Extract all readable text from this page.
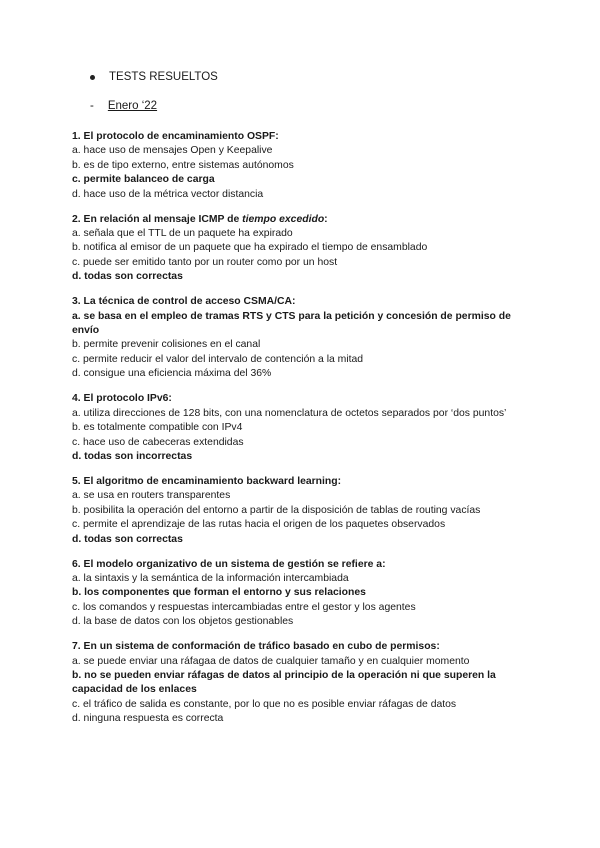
TESTS RESUELTOS
- Enero ‘22
1. El protocolo de encaminamiento OSPF:
a. hace uso de mensajes Open y Keepalive
b. es de tipo externo, entre sistemas autónomos
c. permite balanceo de carga
d. hace uso de la métrica vector distancia
2. En relación al mensaje ICMP de tiempo excedido:
a. señala que el TTL de un paquete ha expirado
b. notifica al emisor de un paquete que ha expirado el tiempo de ensamblado
c. puede ser emitido tanto por un router como por un host
d. todas son correctas
3. La técnica de control de acceso CSMA/CA:
a. se basa en el empleo de tramas RTS y CTS para la petición y concesión de permiso de envío
b. permite prevenir colisiones en el canal
c. permite reducir el valor del intervalo de contención a la mitad
d. consigue una eficiencia máxima del 36%
4. El protocolo IPv6:
a. utiliza direcciones de 128 bits, con una nomenclatura de octetos separados por ‘dos puntos’
b. es totalmente compatible con IPv4
c. hace uso de cabeceras extendidas
d. todas son incorrectas
5. El algoritmo de encaminamiento backward learning:
a. se usa en routers transparentes
b. posibilita la operación del entorno a partir de la disposición de tablas de routing vacías
c. permite el aprendizaje de las rutas hacia el origen de los paquetes observados
d. todas son correctas
6. El modelo organizativo de un sistema de gestión se refiere a:
a. la sintaxis y la semántica de la información intercambiada
b. los componentes que forman el entorno y sus relaciones
c. los comandos y respuestas intercambiadas entre el gestor y los agentes
d. la base de datos con los objetos gestionables
7. En un sistema de conformación de tráfico basado en cubo de permisos:
a. se puede enviar una ráfagaa de datos de cualquier tamaño y en cualquier momento
b. no se pueden enviar ráfagas de datos al principio de la operación ni que superen la capacidad de los enlaces
c. el tráfico de salida es constante, por lo que no es posible enviar ráfagas de datos
d. ninguna respuesta es correcta
